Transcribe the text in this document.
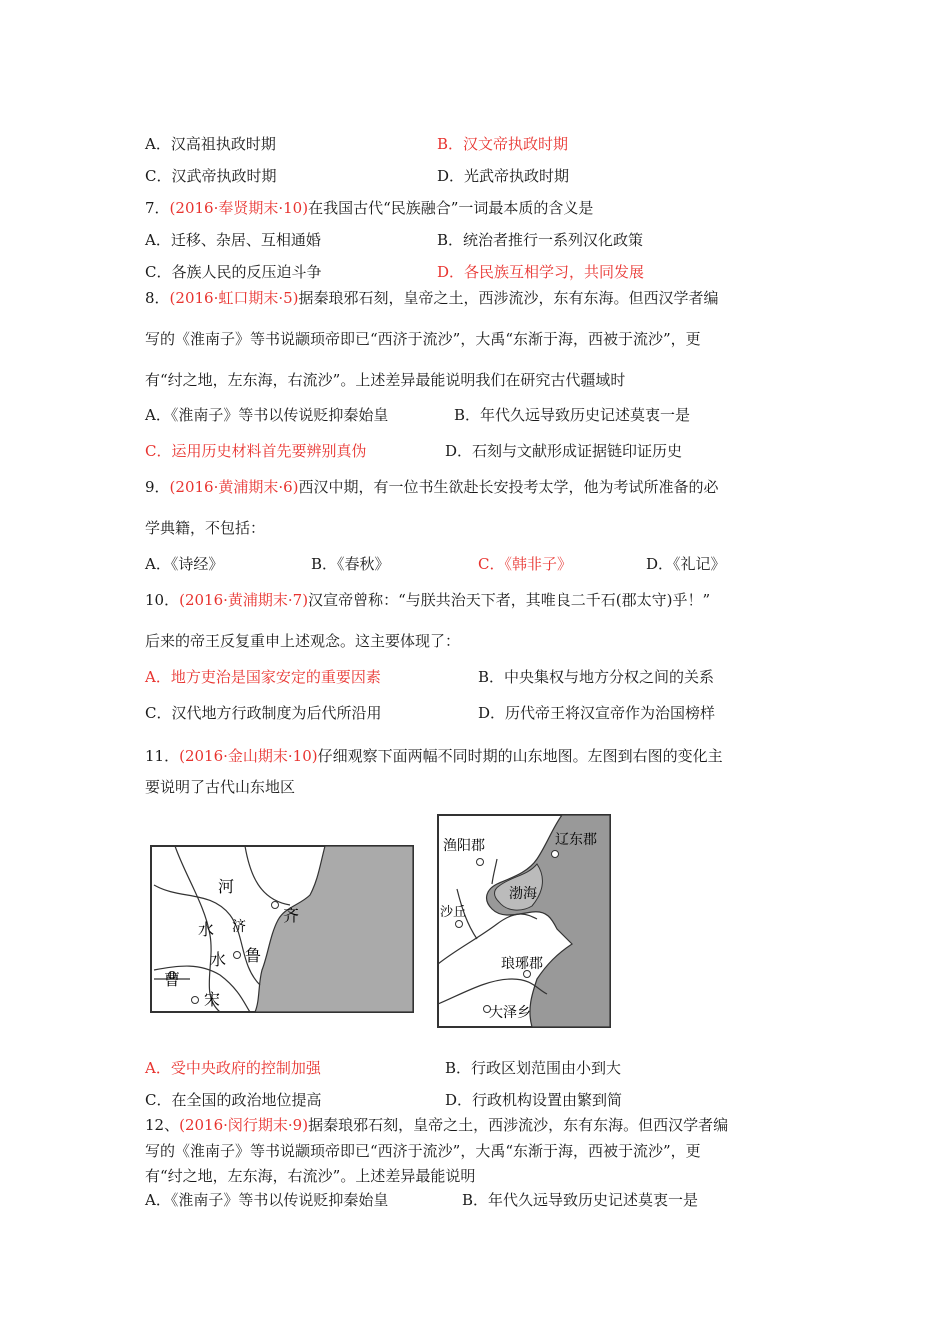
A．汉高祖执政时期	B．汉文帝执政时期
C．汉武帝执政时期	D．光武帝执政时期
7．(2016·奉贤期末·10)在我国古代“民族融合”一词最本质的含义是
A．迁移、杂居、互相通婚	B．统治者推行一系列汉化政策
C．各族人民的反压迫斗争	D．各民族互相学习，共同发展
8．(2016·虹口期末·5)据秦琅邪石刻，皇帝之土，西涉流沙，东有东海。但西汉学者编
写的《淮南子》等书说颛顼帝即已“西济于流沙”，大禹“东渐于海，西被于流沙”，更
有“纣之地，左东海，右流沙”。上述差异最能说明我们在研究古代疆域时
A．《淮南子》等书以传说贬抑秦始皇	B．年代久远导致历史记述莫衷一是
C．运用历史材料首先要辨别真伪	D．石刻与文献形成证据链印证历史
9．(2016·黄浦期末·6)西汉中期，有一位书生欲赴长安投考太学，他为考试所准备的必
学典籍，不包括：
A．《诗经》	B．《春秋》	C．《韩非子》	D．《礼记》
10．(2016·黄浦期末·7)汉宣帝曾称：“与朕共治天下者，其唯良二千石(郡太守)乎！”
后来的帝王反复重申上述观念。这主要体现了：
A．地方吏治是国家安定的重要因素	B．中央集权与地方分权之间的关系
C．汉代地方行政制度为后代所沿用	D．历代帝王将汉宣帝作为治国榜样
11．(2016·金山期末·10)仔细观察下面两幅不同时期的山东地图。左图到右图的变化主
要说明了古代山东地区
河
水 济
齐
水 鲁
曹
宋
渔阳郡	辽东郡
渤海
沙丘
琅琊郡
大泽乡
A．受中央政府的控制加强	B．行政区划范围由小到大
C．在全国的政治地位提高	D．行政机构设置由繁到简
12、(2016·闵行期末·9)据秦琅邪石刻，皇帝之土，西涉流沙，东有东海。但西汉学者编
写的《淮南子》等书说颛顼帝即已“西济于流沙”，大禹“东渐于海，西被于流沙”，更
有“纣之地，左东海，右流沙”。上述差异最能说明
A．《淮南子》等书以传说贬抑秦始皇	B．年代久远导致历史记述莫衷一是
